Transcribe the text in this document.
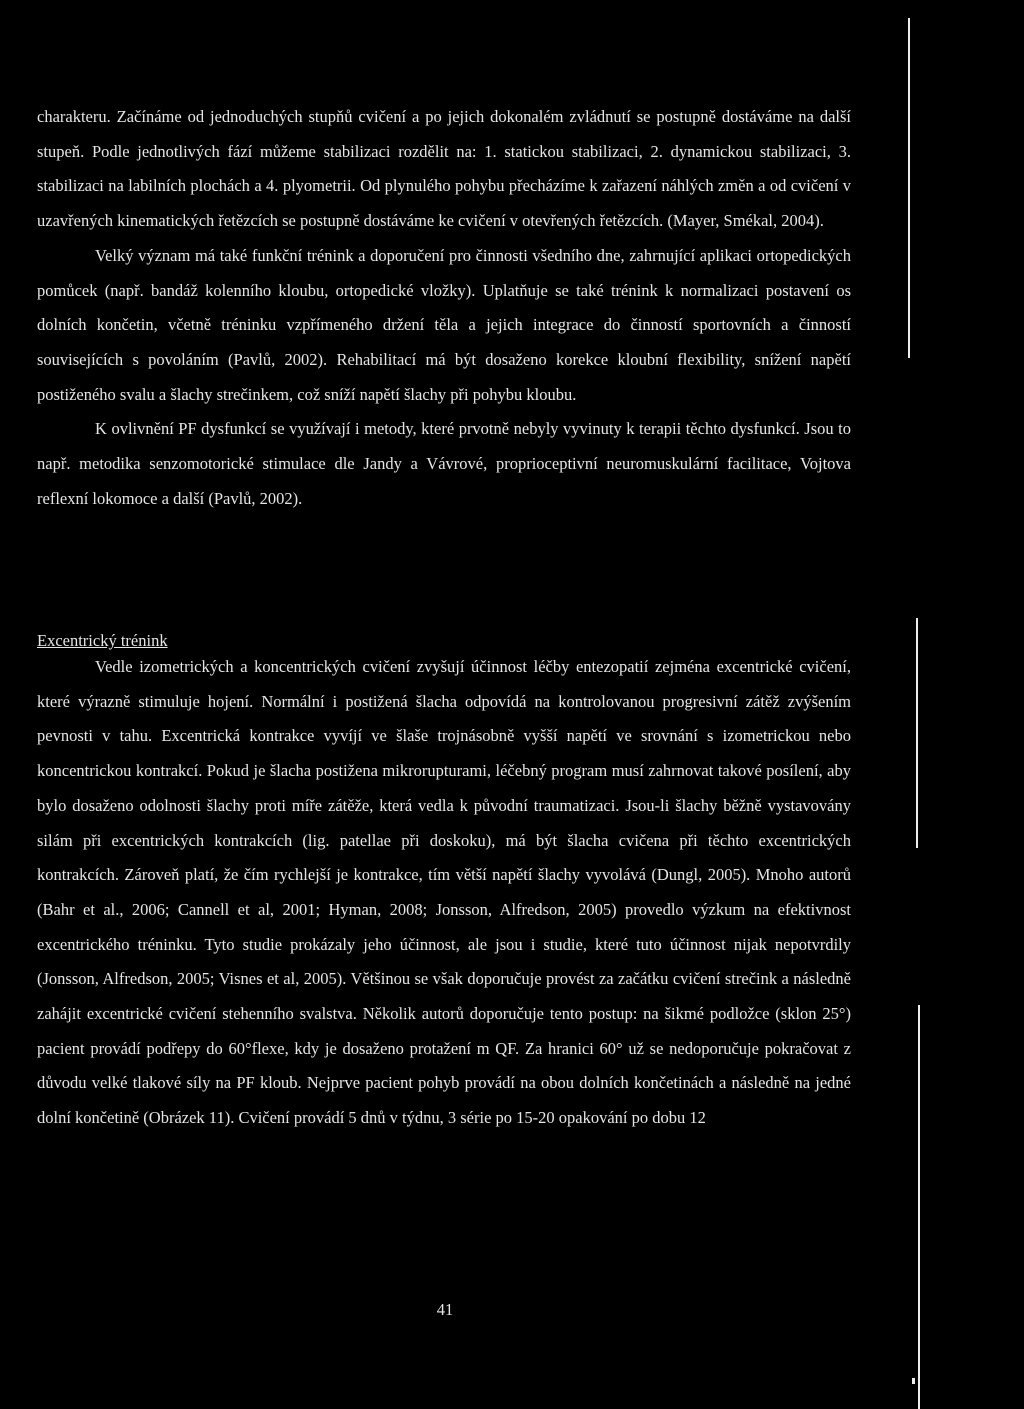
charakteru. Začínáme od jednoduchých stupňů cvičení a po jejich dokonalém zvládnutí se postupně dostáváme na další stupeň. Podle jednotlivých fází můžeme stabilizaci rozdělit na: 1. statickou stabilizaci, 2. dynamickou stabilizaci, 3. stabilizaci na labilních plochách a 4. plyometrii. Od plynulého pohybu přecházíme k zařazení náhlých změn a od cvičení v uzavřených kinematických řetězcích se postupně dostáváme ke cvičení v otevřených řetězcích. (Mayer, Smékal, 2004).

Velký význam má také funkční trénink a doporučení pro činnosti všedního dne, zahrnující aplikaci ortopedických pomůcek (např. bandáž kolenního kloubu, ortopedické vložky). Uplatňuje se také trénink k normalizaci postavení os dolních končetin, včetně tréninku vzpřímeného držení těla a jejich integrace do činností sportovních a činností souvisejících s povoláním (Pavlů, 2002). Rehabilitací má být dosaženo korekce kloubní flexibility, snížení napětí postiženého svalu a šlachy strečinkem, což sníží napětí šlachy při pohybu kloubu.

K ovlivnění PF dysfunkcí se využívají i metody, které prvotně nebyly vyvinuty k terapii těchto dysfunkcí. Jsou to např. metodika senzomotorické stimulace dle Jandy a Vávrové, proprioceptivní neuromuskulární facilitace, Vojtova reflexní lokomoce a další (Pavlů, 2002).

Excentrický trénink

Vedle izometrických a koncentrických cvičení zvyšují účinnost léčby entezopatií zejména excentrické cvičení, které výrazně stimuluje hojení. Normální i postižená šlacha odpovídá na kontrolovanou progresivní zátěž zvýšením pevnosti v tahu. Excentrická kontrakce vyvíjí ve šlaše trojnásobně vyšší napětí ve srovnání s izometrickou nebo koncentrickou kontrakcí. Pokud je šlacha postižena mikrorupturami, léčebný program musí zahrnovat takové posílení, aby bylo dosaženo odolnosti šlachy proti míře zátěže, která vedla k původní traumatizaci. Jsou-li šlachy běžně vystavovány silám při excentrických kontrakcích (lig. patellae při doskoku), má být šlacha cvičena při těchto excentrických kontrakcích. Zároveň platí, že čím rychlejší je kontrakce, tím větší napětí šlachy vyvolává (Dungl, 2005). Mnoho autorů (Bahr et al., 2006; Cannell et al, 2001; Hyman, 2008; Jonsson, Alfredson, 2005) provedlo výzkum na efektivnost excentrického tréninku. Tyto studie prokázaly jeho účinnost, ale jsou i studie, které tuto účinnost nijak nepotvrdily (Jonsson, Alfredson, 2005; Visnes et al, 2005). Většinou se však doporučuje provést za začátku cvičení strečink a následně zahájit excentrické cvičení stehenního svalstva. Několik autorů doporučuje tento postup: na šikmé podložce (sklon 25°) pacient provádí podřepy do 60°flexe, kdy je dosaženo protažení m QF. Za hranici 60° už se nedoporučuje pokračovat z důvodu velké tlakové síly na PF kloub. Nejprve pacient pohyb provádí na obou dolních končetinách a následně na jedné dolní končetině (Obrázek 11). Cvičení provádí 5 dnů v týdnu, 3 série po 15-20 opakování po dobu 12

41
